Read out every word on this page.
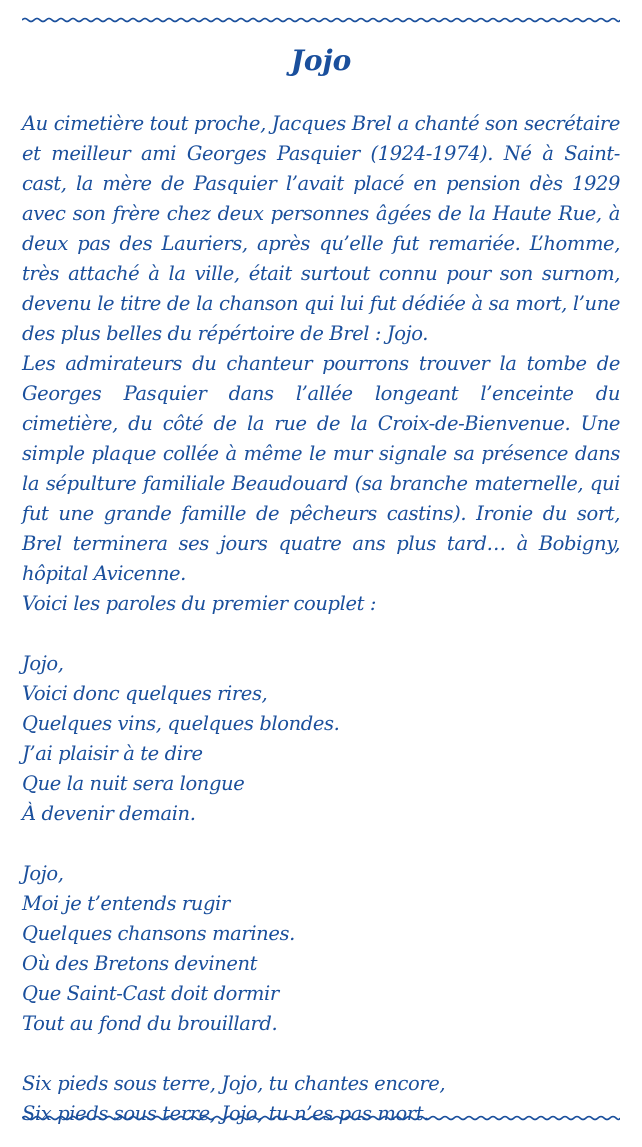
Jojo

Au cimetière tout proche, Jacques Brel a chanté son secrétaire et meilleur ami Georges Pasquier (1924-1974). Né à Saint-cast, la mère de Pasquier l’avait placé en pension dès 1929 avec son frère chez deux personnes âgées de la Haute Rue, à deux pas des Lauriers, après qu’elle fut remariée. L’homme, très attaché à la ville, était surtout connu pour son surnom, devenu le titre de la chanson qui lui fut dédiée à sa mort, l’une des plus belles du répértoire de Brel : Jojo.

Les admirateurs du chanteur pourrons trouver la tombe de Georges Pasquier dans l’allée longeant l’enceinte du cimetière, du côté de la rue de la Croix-de-Bienvenue. Une simple plaque collée à même le mur signale sa présence dans la sépulture familiale Beaudouard (sa branche maternelle, qui fut une grande famille de pêcheurs castins). Ironie du sort, Brel terminera ses jours quatre ans plus tard… à Bobigny, hôpital Avicenne.

Voici les paroles du premier couplet :

Jojo,
Voici donc quelques rires,
Quelques vins, quelques blondes.
J’ai plaisir à te dire
Que la nuit sera longue
À devenir demain.
Jojo,
Moi je t’entends rugir
Quelques chansons marines.
Où des Bretons devinent
Que Saint-Cast doit dormir
Tout au fond du brouillard.
Six pieds sous terre, Jojo, tu chantes encore,
Six pieds sous terre, Jojo, tu n’es pas mort.
